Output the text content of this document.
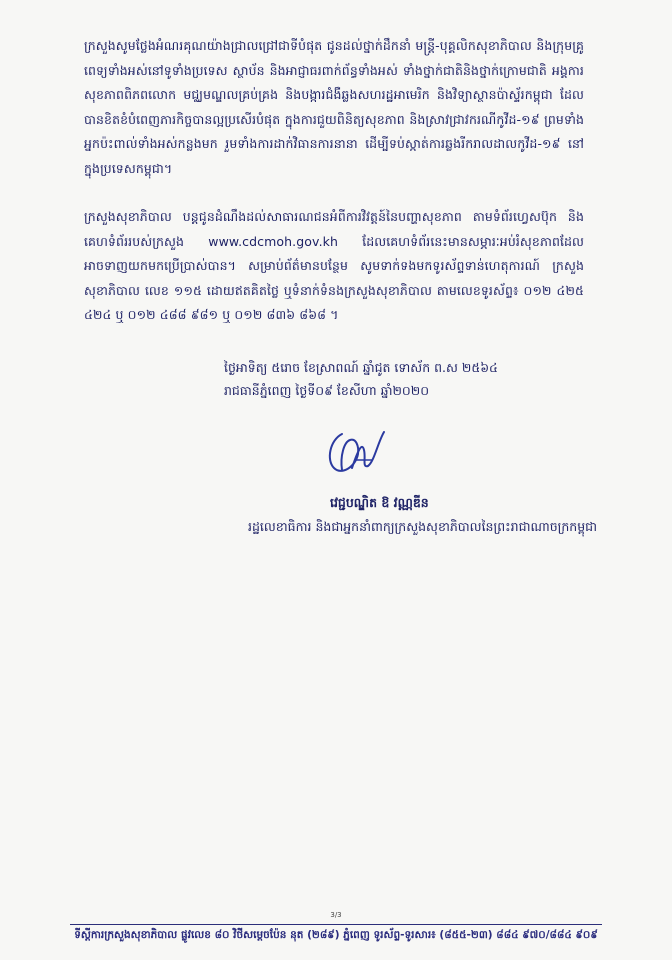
ក្រសួងសូមថ្លែងអំណរគុណយ៉ាងជ្រាលជ្រៅជាទីបំផុត ជូនដល់ថ្នាក់ដឹកនាំ មន្ត្រី-បុគ្គលិកសុខាភិបាល និងក្រុមគ្រូពេទ្យទាំងអស់នៅទូទាំងប្រទេស ស្ថាប័ន និងអាជ្ញាធរពាក់ព័ន្ធទាំងអស់ ទាំងថ្នាក់ជាតិនិងថ្នាក់ក្រោមជាតិ អង្គការសុខភាពពិភពលោក មជ្ឈមណ្ឌលគ្រប់គ្រង និងបង្ការជំងឺឆ្លងសហរដ្ឋអាមេរិក និងវិទ្យាស្ថានប៉ាស្ទ័រកម្ពុជា ដែលបានខិតខំបំពេញភារកិច្ចបានល្អប្រសើរបំផុត ក្នុងការជួយពិនិត្យសុខភាព និងស្រាវជ្រាវករណីកូវីដ-១៩ ព្រមទាំងអ្នកប៉ះពាល់ទាំងអស់កន្លងមក រួមទាំងការដាក់វិធានការនានា ដើម្បីទប់ស្កាត់ការឆ្លងរីករាលដាលកូវីដ-១៩ នៅក្នុងប្រទេសកម្ពុជា។

ក្រសួងសុខាភិបាល បន្តជូនដំណឹងដល់សាធារណជនអំពីការវិវត្តន៍នៃបញ្ហាសុខភាព តាមទំព័រហ្វេសប៊ុក និងគេហទំព័ររបស់ក្រសួង www.cdcmoh.gov.kh ដែលគេហទំព័រនេះមានសម្ភារៈអប់រំសុខភាពដែលអាចទាញយកមកប្រើប្រាស់បាន។ សម្រាប់ព័ត៌មានបន្ថែម សូមទាក់ទងមកទូរស័ព្ទទាន់ហេតុការណ៍ ក្រសួងសុខាភិបាល លេខ ១១៥ ដោយឥតគិតថ្លៃ ឬទំនាក់ទំនងក្រសួងសុខាភិបាល តាមលេខទូរស័ព្ទ៖ ០១២ ៤២៥ ៤២៤ ឬ ០១២ ៤៨៨ ៩៨១ ឬ ០១២ ៨៣៦ ៨៦៨ ។

ថ្ងៃអាទិត្យ ៥រោច ខែស្រាពណ៍ ឆ្នាំជូត ទោស័ក ព.ស ២៥៦៤
រាជធានីភ្នំពេញ ថ្ងៃទី០៩ ខែសីហា ឆ្នាំ២០២០
វេជ្ជបណ្ឌិត ឱ វណ្ណឌីន
រដ្ឋលេខាធិការ និងជាអ្នកនាំពាក្យក្រសួងសុខាភិបាលនៃព្រះរាជាណាចក្រកម្ពុជា
3/3
ទីស្តីការក្រសួងសុខាភិបាល ផ្លូវលេខ ៨០ វិថីសម្តេចប៉ែន នុត (២៨៩) ភ្នំពេញ ទូរស័ព្ទ-ទូរសារ៖ (៨៥៥-២៣) ៨៨៤ ៩៧០/៨៨៤ ៩០៩
